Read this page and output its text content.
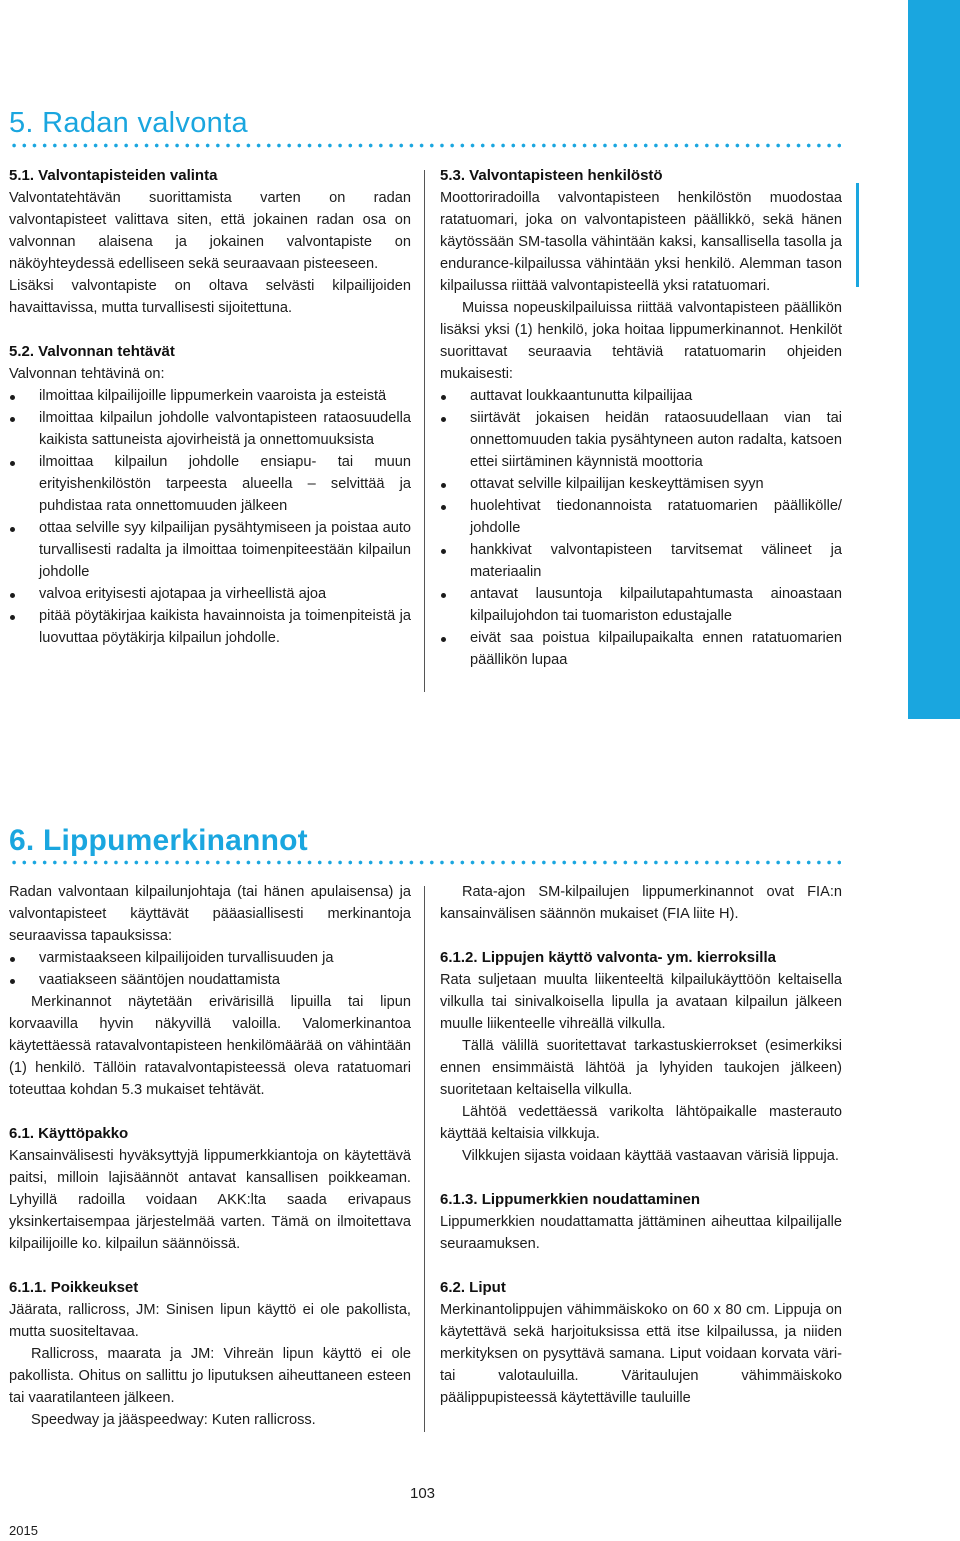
5. Radan valvonta
5.1. Valvontapisteiden valinta

Valvontatehtävän suorittamista varten on radan valvontapisteet valittava siten, että jokainen radan osa on valvonnan alaisena ja jokainen valvontapiste on näköyhteydessä edelliseen sekä seuraavaan pisteeseen.

Lisäksi valvontapiste on oltava selvästi kilpailijoiden havaittavissa, mutta turvallisesti sijoitettuna.

5.2. Valvonnan tehtävät

Valvonnan tehtävinä on:

ilmoittaa kilpailijoille lippumerkein vaaroista ja esteistä
ilmoittaa kilpailun johdolle valvontapisteen rataosuudella kaikista sattuneista ajovirheistä ja onnettomuuksista
ilmoittaa kilpailun johdolle ensiapu- tai muun erityishenkilöstön tarpeesta alueella – selvittää ja puhdistaa rata onnettomuuden jälkeen
ottaa selville syy kilpailijan pysähtymiseen ja poistaa auto turvallisesti radalta ja ilmoittaa toimenpiteestään kilpailun johdolle
valvoa erityisesti ajotapaa ja virheellistä ajoa
pitää pöytäkirjaa kaikista havainnoista ja toimenpiteistä ja luovuttaa pöytäkirja kilpailun johdolle.
5.3. Valvontapisteen henkilöstö

Moottoriradoilla valvontapisteen henkilöstön muodostaa ratatuomari, joka on valvontapisteen päällikkö, sekä hänen käytössään SM-tasolla vähintään kaksi, kansallisella tasolla ja endurance-kilpailussa vähintään yksi henkilö. Alemman tason kilpailussa riittää valvontapisteellä yksi ratatuomari.

Muissa nopeuskilpailuissa riittää valvontapisteen päällikön lisäksi yksi (1) henkilö, joka hoitaa lippumerkinannot. Henkilöt suorittavat seuraavia tehtäviä ratatuomarin ohjeiden mukaisesti:

auttavat loukkaantunutta kilpailijaa
siirtävät jokaisen heidän rataosuudellaan vian tai onnettomuuden takia pysähtyneen auton radalta, katsoen ettei siirtäminen käynnistä moottoria
ottavat selville kilpailijan keskeyttämisen syyn
huolehtivat tiedonannoista ratatuomarien päällikölle/ johdolle
hankkivat valvontapisteen tarvitsemat välineet ja materiaalin
antavat lausuntoja kilpailutapahtumasta ainoastaan kilpailujohdon tai tuomariston edustajalle
eivät saa poistua kilpailupaikalta ennen ratatuomarien päällikön lupaa
6. Lippumerkinannot

Radan valvontaan kilpailunjohtaja (tai hänen apulaisensa) ja valvontapisteet käyttävät pääasiallisesti merkinantoja seuraavissa tapauksissa:

varmistaakseen kilpailijoiden turvallisuuden ja
vaatiakseen sääntöjen noudattamista

Merkinannot näytetään erivärisillä lipuilla tai lipun korvaavilla hyvin näkyvillä valoilla. Valomerkinantoa käytettäessä ratavalvontapisteen henkilömäärää on vähintään (1) henkilö. Tällöin ratavalvontapisteessä oleva ratatuomari toteuttaa kohdan 5.3 mukaiset tehtävät.

6.1. Käyttöpakko

Kansainvälisesti hyväksyttyjä lippumerkkiantoja on käytettävä paitsi, milloin lajisäännöt antavat kansallisen poikkeaman. Lyhyillä radoilla voidaan AKK:lta saada erivapaus yksinkertaisempaa järjestelmää varten. Tämä on ilmoitettava kilpailijoille ko. kilpailun säännöissä.

6.1.1. Poikkeukset

Jäärata, rallicross, JM: Sinisen lipun käyttö ei ole pakollista, mutta suositeltavaa.

Rallicross, maarata ja JM: Vihreän lipun käyttö ei ole pakollista. Ohitus on sallittu jo liputuksen aiheuttaneen esteen tai vaaratilanteen jälkeen.

Speedway ja jääspeedway: Kuten rallicross.

Rata-ajon SM-kilpailujen lippumerkinannot ovat FIA:n kansainvälisen säännön mukaiset (FIA liite H).

6.1.2. Lippujen käyttö valvonta- ym. kierroksilla

Rata suljetaan muulta liikenteeltä kilpailukäyttöön keltaisella vilkulla tai sinivalkoisella lipulla ja avataan kilpailun jälkeen muulle liikenteelle vihreällä vilkulla.

Tällä välillä suoritettavat tarkastuskierrokset (esimerkiksi ennen ensimmäistä lähtöä ja lyhyiden taukojen jälkeen) suoritetaan keltaisella vilkulla.

Lähtöä vedettäessä varikolta lähtöpaikalle masterauto käyttää keltaisia vilkkuja.

Vilkkujen sijasta voidaan käyttää vastaavan värisiä lippuja.

6.1.3. Lippumerkkien noudattaminen

Lippumerkkien noudattamatta jättäminen aiheuttaa kilpailijalle seuraamuksen.

6.2. Liput

Merkinantolippujen vähimmäiskoko on 60 x 80 cm. Lippuja on käytettävä sekä harjoituksissa että itse kilpailussa, ja niiden merkityksen on pysyttävä samana. Liput voidaan korvata väri- tai valotauluilla. Väritaulujen vähimmäiskoko päälippupisteessä käytettäville tauluille

103
2015
